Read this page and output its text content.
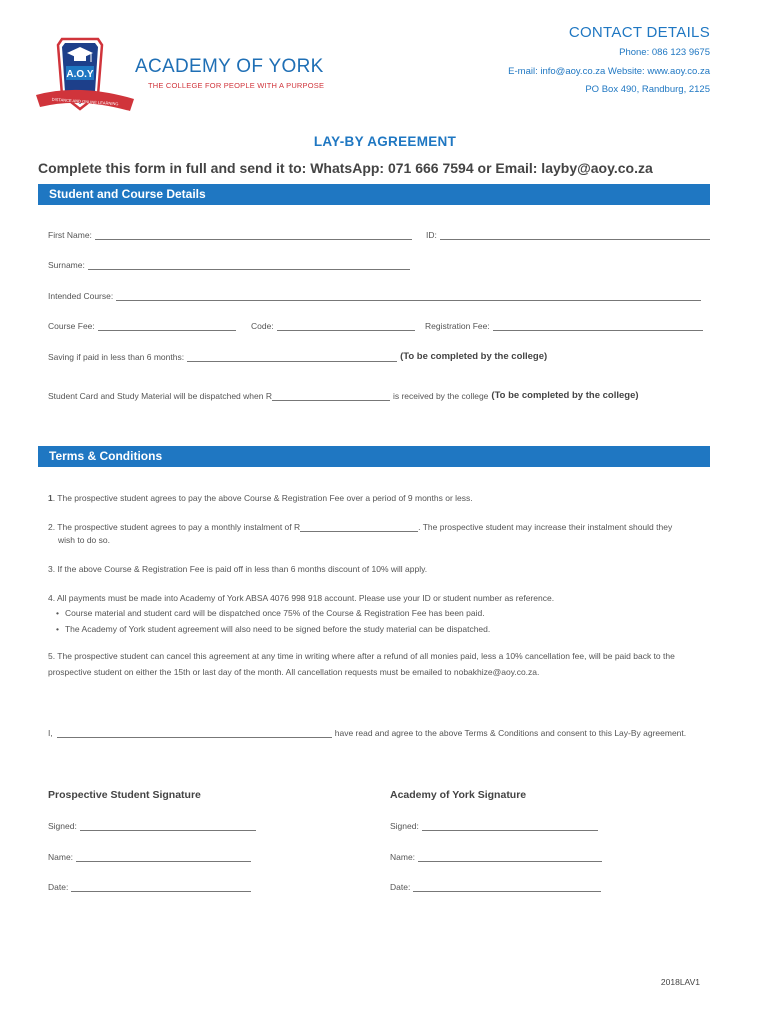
A.O.Y
DISTANCE AND ONLINE LEARNING
ACADEMY OF YORK
THE COLLEGE FOR PEOPLE WITH A PURPOSE
CONTACT DETAILS
Phone: 086 123 9675
E-mail: info@aoy.co.za Website: www.aoy.co.za
PO Box 490, Randburg, 2125
LAY-BY AGREEMENT
Complete this form in full and send it to: WhatsApp: 071 666 7594 or Email: layby@aoy.co.za
Student and Course Details
First Name:	ID:
Surname:
Intended Course:
Course Fee:	Code:	Registration Fee:
Saving if paid in less than 6 months:	(To be completed by the college)
Student Card and Study Material will be dispatched when R	is received by the college (To be completed by the college)
Terms & Conditions
1. The prospective student agrees to pay the above Course & Registration Fee over a period of 9 months or less.
2. The prospective student agrees to pay a monthly instalment of R	. The prospective student may increase their instalment should they
wish to do so.
3. If the above Course & Registration Fee is paid off in less than 6 months discount of 10% will apply.
4. All payments must be made into Academy of York ABSA 4076 998 918 account. Please use your ID or student number as reference.
• Course material and student card will be dispatched once 75% of the Course & Registration Fee has been paid.
• The Academy of York student agreement will also need to be signed before the study material can be dispatched.
5. The prospective student can cancel this agreement at any time in writing where after a refund of all monies paid, less a 10% cancellation fee, will be paid back to the
prospective student on either the 15th or last day of the month. All cancellation requests must be emailed to nobakhize@aoy.co.za.
I,	have read and agree to the above Terms & Conditions and consent to this Lay-By agreement.
Prospective Student Signature	Academy of York Signature
Signed:	Signed:
Name:	Name:
Date:	Date:
2018LAV1
